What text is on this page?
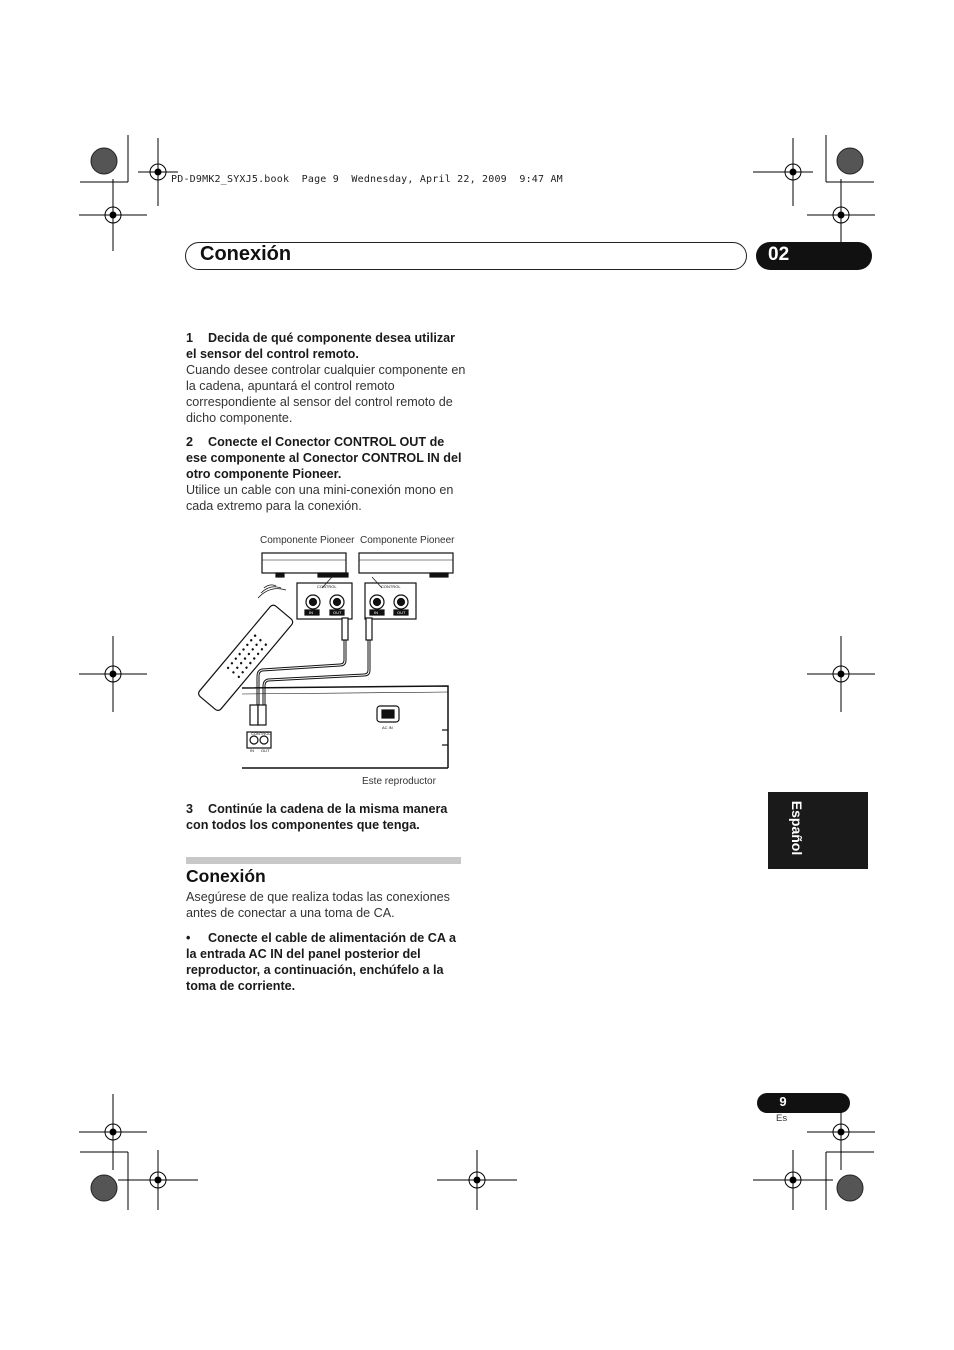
PD-D9MK2_SYXJ5.book  Page 9  Wednesday, April 22, 2009  9:47 AM
Conexión	02

1 Decida de qué componente desea utilizar el sensor del control remoto.

Cuando desee controlar cualquier componente en la cadena, apuntará el control remoto correspondiente al sensor del control remoto de dicho componente.

2 Conecte el Conector CONTROL OUT de ese componente al Conector CONTROL IN del otro componente Pioneer.

Utilice un cable con una mini-conexión mono en cada extremo para la conexión.

Componente Pioneer Componente Pioneer
Este reproductor
CONTROL	CONTROL
CONTROL
IN	OUT	IN	OUT
IN OUT
AC IN

3 Continúe la cadena de la misma manera con todos los componentes que tenga.

Conexión
Asegúrese de que realiza todas las conexiones antes de conectar a una toma de CA.

• Conecte el cable de alimentación de CA a la entrada AC IN del panel posterior del reproductor, a continuación, enchúfelo a la toma de corriente.

Español
9
Es
